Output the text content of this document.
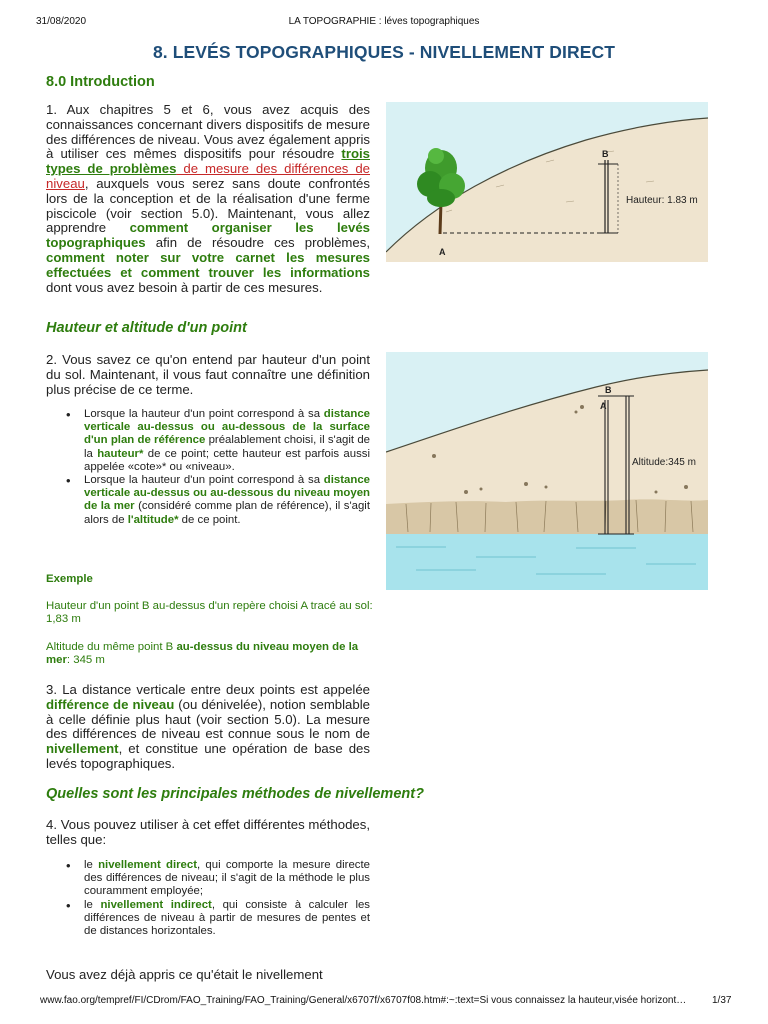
31/08/2020	LA TOPOGRAPHIE : léves topographiques
www.fao.org/tempref/FI/CDrom/FAO_Training/FAO_Training/General/x6707f/x6707f08.htm#:~:text=Si vous connaissez la hauteur,visée horizont…	1/37
8. LEVÉS TOPOGRAPHIQUES - NIVELLEMENT DIRECT
8.0 Introduction
1. Aux chapitres 5 et 6, vous avez acquis des connaissances concernant divers dispositifs de mesure des différences de niveau. Vous avez également appris à utiliser ces mêmes dispositifs pour résoudre trois types de problèmes de mesure des différences de niveau, auxquels vous serez sans doute confrontés lors de la conception et de la réalisation d'une ferme piscicole (voir section 5.0). Maintenant, vous allez apprendre comment organiser les levés topographiques afin de résoudre ces problèmes, comment noter sur votre carnet les mesures effectuées et comment trouver les informations dont vous avez besoin à partir de ces mesures.
A
B
Hauteur: 1.83 m
Hauteur et altitude d'un point
2. Vous savez ce qu'on entend par hauteur d'un point du sol. Maintenant, il vous faut connaître une définition plus précise de ce terme.
• Lorsque la hauteur d'un point correspond à sa distance verticale au-dessus ou au-dessous de la surface d'un plan de référence préalablement choisi, il s'agit de la hauteur* de ce point; cette hauteur est parfois aussi appelée «cote»* ou «niveau».
• Lorsque la hauteur d'un point correspond à sa distance verticale au-dessus ou au-dessous du niveau moyen de la mer (considéré comme plan de référence), il s'agit alors de l'altitude* de ce point.
A
B
Altitude:345 m
Exemple
Hauteur d'un point B au-dessus d'un repère choisi A tracé au sol: 1,83 m
Altitude du même point B au-dessus du niveau moyen de la mer: 345 m
3. La distance verticale entre deux points est appelée différence de niveau (ou dénivelée), notion semblable à celle définie plus haut (voir section 5.0). La mesure des différences de niveau est connue sous le nom de nivellement, et constitue une opération de base des levés topographiques.
Quelles sont les principales méthodes de nivellement?
4. Vous pouvez utiliser à cet effet différentes méthodes, telles que:
• le nivellement direct, qui comporte la mesure directe des différences de niveau; il s'agit de la méthode le plus couramment employée;
• le nivellement indirect, qui consiste à calculer les différences de niveau à partir de mesures de pentes et de distances horizontales.
Vous avez déjà appris ce qu'était le nivellement
